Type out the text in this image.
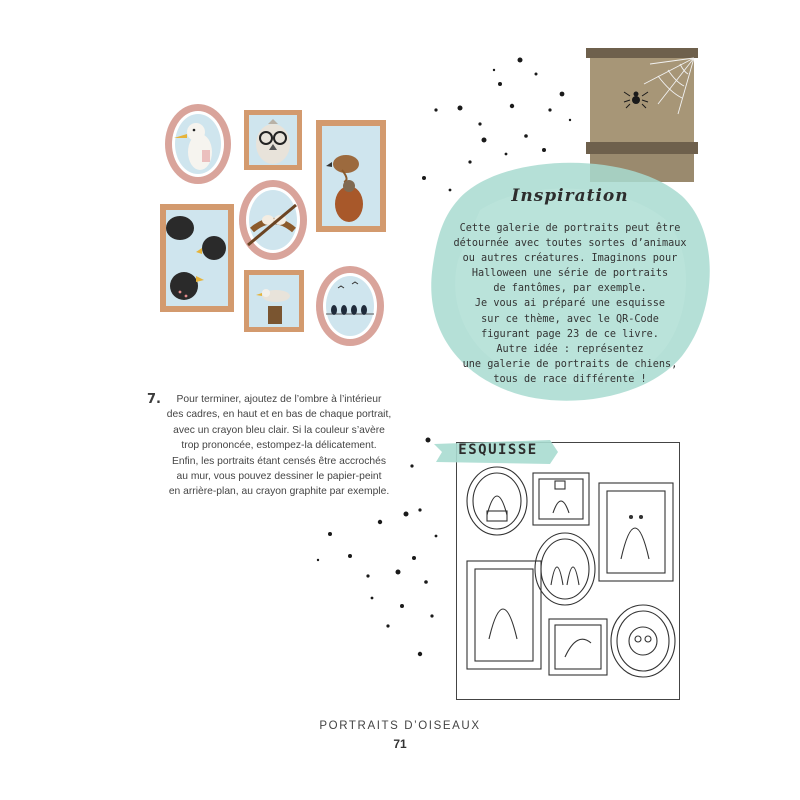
7.	Pour terminer, ajoutez de l’ombre à l’intérieur
des cadres, en haut et en bas de chaque portrait,
avec un crayon bleu clair. Si la couleur s’avère
trop prononcée, estompez-la délicatement.
Enfin, les portraits étant censés être accrochés
au mur, vous pouvez dessiner le papier-peint
en arrière-plan, au crayon graphite par exemple.
Inspiration
Cette galerie de portraits peut être
détournée avec toutes sortes d’animaux
ou autres créatures. Imaginons pour
Halloween une série de portraits
de fantômes, par exemple.
Je vous ai préparé une esquisse
sur ce thème, avec le QR-Code
figurant page 23 de ce livre.
Autre idée : représentez
une galerie de portraits de chiens,
tous de race différente !
ESQUISSE
PORTRAITS D’OISEAUX
71
